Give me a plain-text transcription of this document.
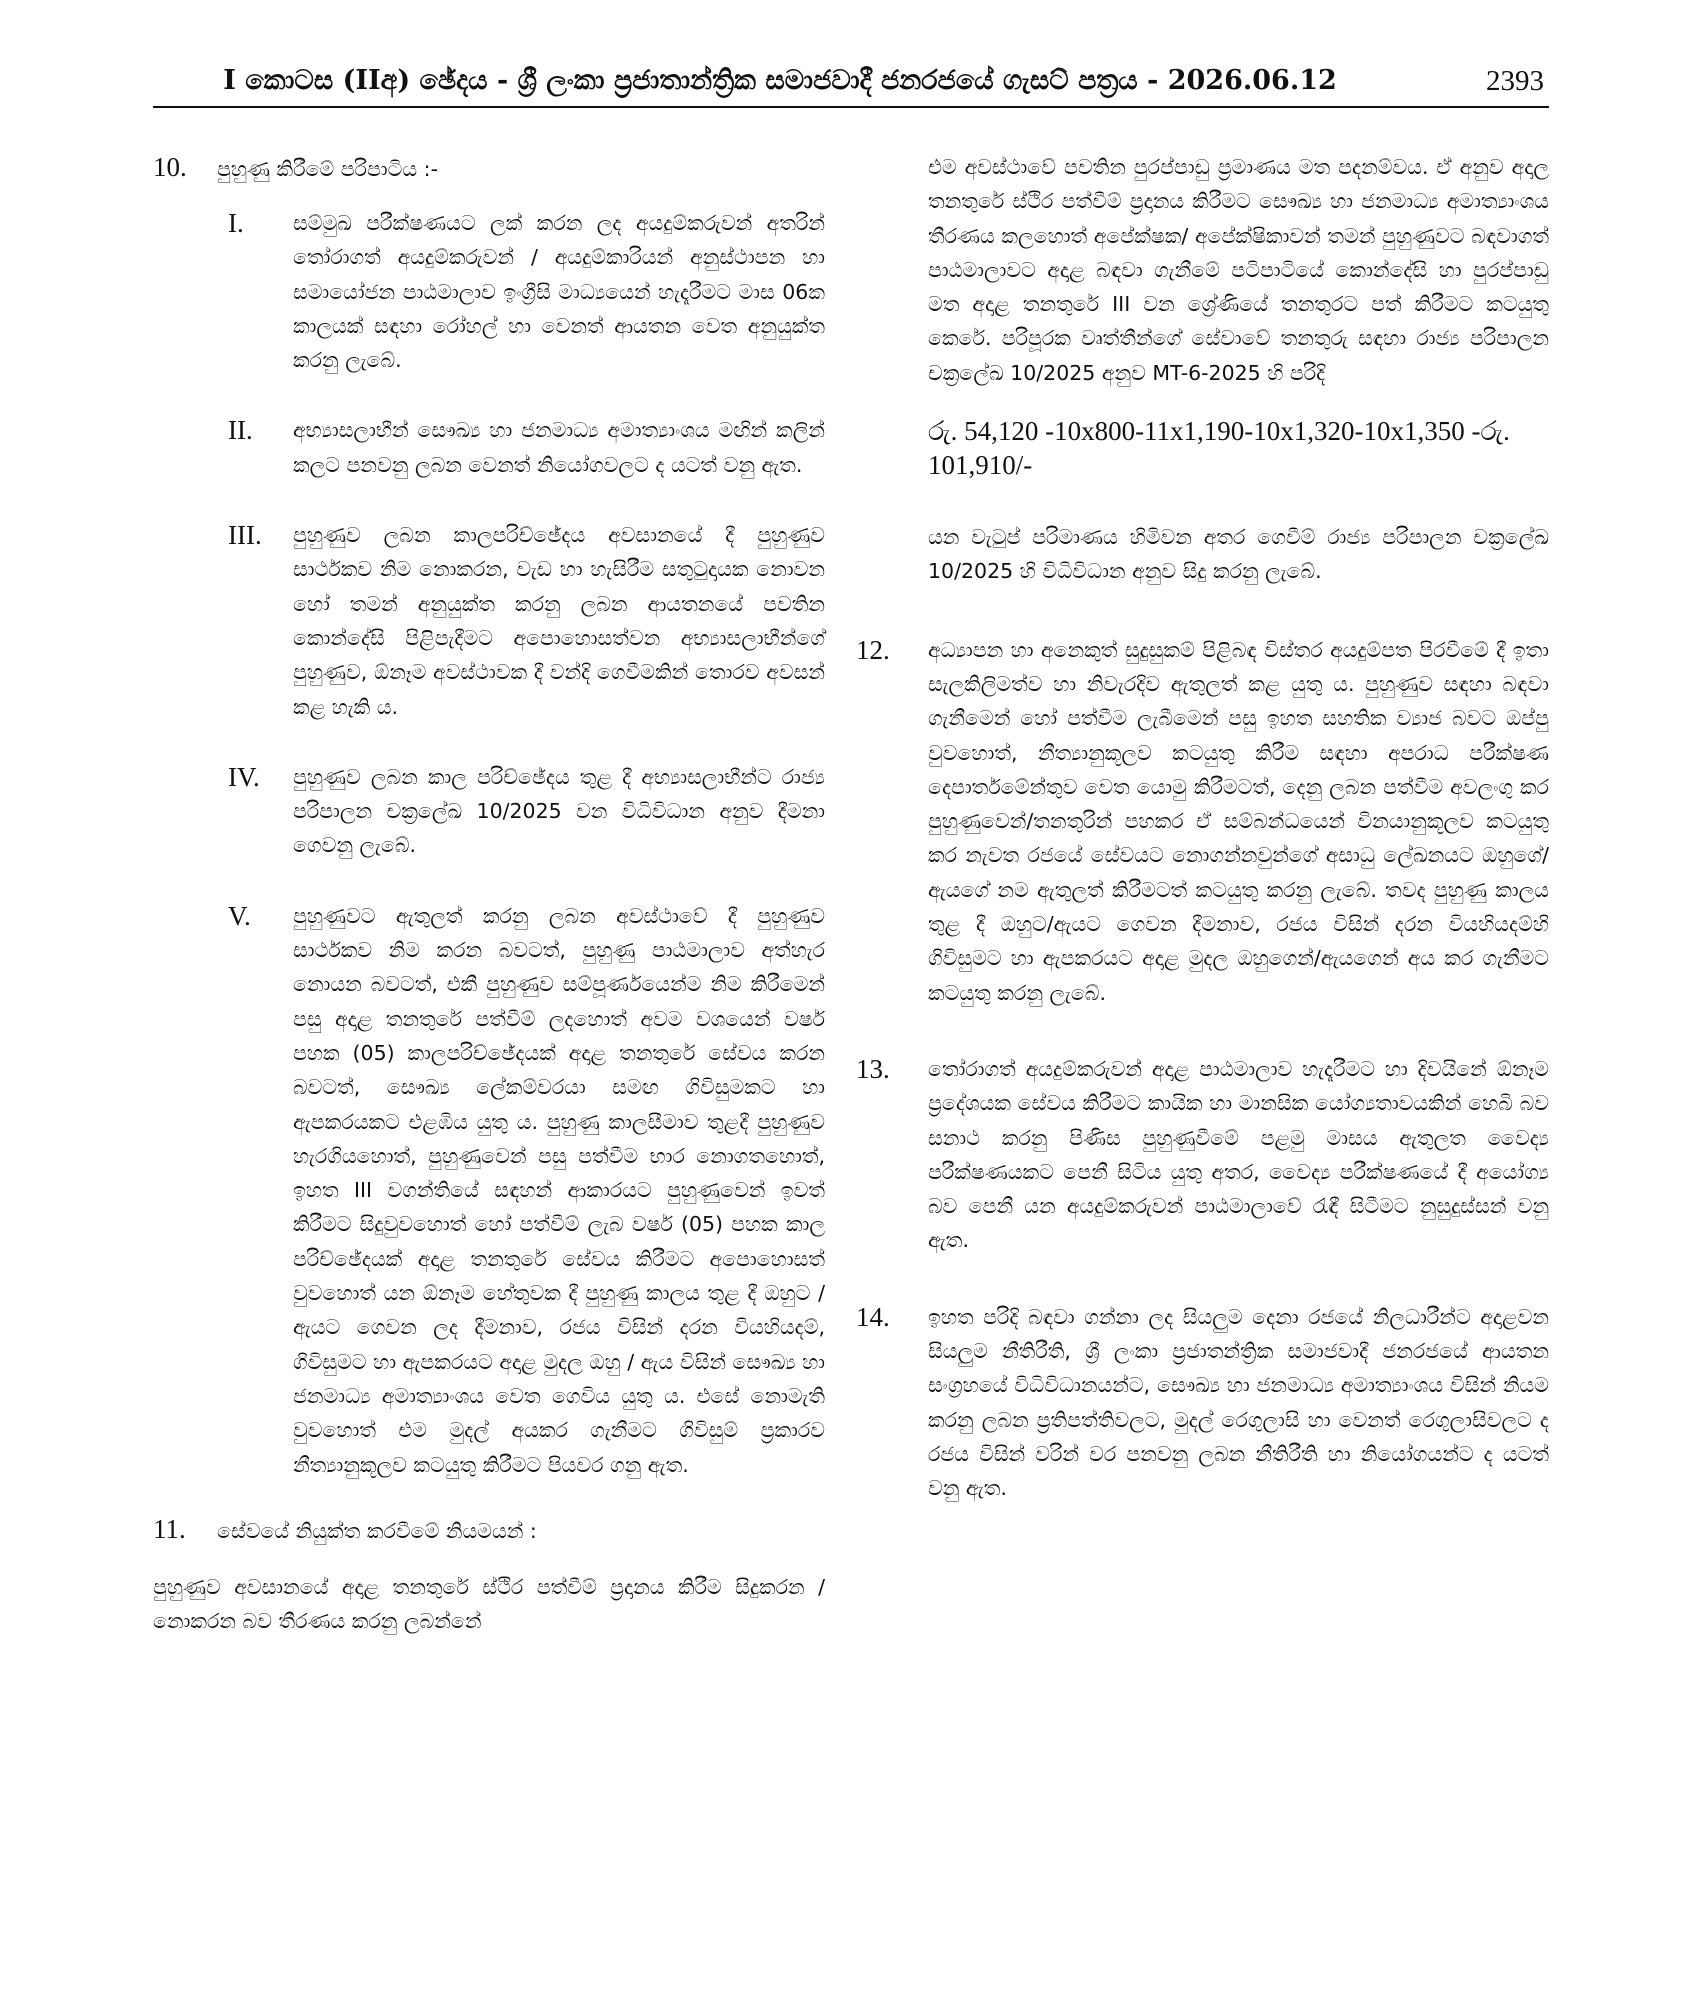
I කොටස (IIඅ) ඡේදය - ශ්‍රී ලංකා ප්‍රජාතාන්ත්‍රික සමාජවාදී ජනරජයේ ගැසට් පත්‍රය - 2026.06.12	2393
10.	පුහුණු කිරීමේ පරිපාටිය :-
I.	සම්මුඛ පරීක්ෂණයට ලක් කරන ලද අයදුම්කරුවන් අතරින් තෝරාගත් අයදුම්කරුවන් / අයදුම්කාරියන් අනුස්ථාපන හා සමායෝජන පාඨමාලාව ඉංග්‍රීසි මාධ්‍යයෙන් හැදෑරීමට මාස 06ක කාලයක් සඳහා රෝහල් හා වෙනත් ආයතන වෙත අනුයුක්ත කරනු ලැබේ.

II.	අභ්‍යාසලාභීන් සෞඛ්‍ය හා ජනමාධ්‍ය අමාත්‍යාංශය මඟින් කලින් කලට පනවනු ලබන වෙනත් නියෝගවලට ද යටත් වනු ඇත.

III.	පුහුණුව ලබන කාලපරිච්ඡේදය අවසානයේ දී පුහුණුව සාර්ථකව නිම නොකරන, වැඩ හා හැසිරීම සතුටුදායක නොවන හෝ තමන් අනුයුක්ත කරනු ලබන ආයතනයේ පවතින කොන්දේසි පිළිපැදීමට අපොහොසත්වන අභ්‍යාසලාභීන්ගේ පුහුණුව, ඕනෑම අවස්ථාවක දී වන්දි ගෙවීමකින් තොරව අවසන් කළ හැකි ය.

IV.	පුහුණුව ලබන කාල පරිච්ඡේදය තුළ දී අභ්‍යාසලාභීන්ට රාජ්‍ය පරිපාලන චක්‍රලේඛ 10/2025 වන විධිවිධාන අනුව දීමනා ගෙවනු ලැබේ.

V.	පුහුණුවට ඇතුලත් කරනු ලබන අවස්ථාවේ දී පුහුණුව සාර්ථකව නිම කරන බවටත්, පුහුණු පාඨමාලාව අත්හැර නොයන බවටත්, එකී පුහුණුව සම්පූර්ණයෙන්ම නිම කිරීමෙන් පසු අදාළ තනතුරේ පත්වීම් ලදහොත් අවම වශයෙන් වර්ෂ පහක (05) කාලපරිච්ඡේදයක් අදාළ තනතුරේ සේවය කරන බවටත්, සෞඛ්‍ය ලේකම්වරයා සමඟ ගිවිසුමකට හා ඇපකරයකට එළඹිය යුතු ය. පුහුණු කාලසීමාව තුළදී පුහුණුව හැරගියහොත්, පුහුණුවෙන් පසු පත්වීම භාර නොගතහොත්, ඉහත III වගන්තියේ සඳහන් ආකාරයට පුහුණුවෙන් ඉවත් කිරීමට සිදුවුවහොත් හෝ පත්වීම් ලැබ වර්ෂ (05) පහක කාල පරිච්ඡේදයක් අදාළ තනතුරේ සේවය කිරීමට අපොහොසත් වුවහොත් යන ඕනෑම හේතුවක දී පුහුණු කාලය තුළ දී ඔහුට / ඇයට ගෙවන ලද දීමනාව, රජය විසින් දරන වියහියදම්, ගිවිසුමට හා ඇපකරයට අදාළ මුදල ඔහු / ඇය විසින් සෞඛ්‍ය හා ජනමාධ්‍ය අමාත්‍යාංශය වෙත ගෙවිය යුතු ය. එසේ නොමැති වුවහොත් එම මුදල් අයකර ගැනීමට ගිවිසුම් ප්‍රකාරව නීත්‍යානුකූලව කටයුතු කිරීමට පියවර ගනු ඇත.

11.	සේවයේ නියුක්ත කරවීමේ නියමයන් :

පුහුණුව අවසානයේ අදාළ තනතුරේ ස්ථිර පත්වීම් ප්‍රදානය කිරීම සිදුකරන / නොකරන බව තීරණය කරනු ලබන්නේ

එම අවස්ථාවේ පවතින පුරප්පාඩු ප්‍රමාණය මත පදනම්වය. ඒ අනුව අදාල තනතුරේ ස්ථිර පත්වීම් ප්‍රදානය කිරීමට සෞඛ්‍ය හා ජනමාධ්‍ය අමාත්‍යාංශය තීරණය කලහොත් අපේක්ෂක/ අපේක්ෂිකාවන් තමන් පුහුණුවට බඳවාගත් පාඨමාලාවට අදාළ බඳවා ගැනීමේ පටිපාටියේ කොන්දේසි හා පුරප්පාඩු මත අදාළ තනතුරේ III වන ශ්‍රේණියේ තනතුරට පත් කිරීමට කටයුතු කෙරේ. පරිපූරක වෘත්තීන්ගේ සේවාවේ තනතුරු සඳහා රාජ්‍ය පරිපාලන චක්‍රලේඛ 10/2025 අනුව MT-6-2025 හි පරිදි

රු. 54,120 -10x800-11x1,190-10x1,320-10x1,350 -රු. 101,910/-

යන වැටුප් පරිමාණය හිමිවන අතර ගෙවීම් රාජ්‍ය පරිපාලන චක්‍රලේඛ 10/2025 හි විධිවිධාන අනුව සිදු කරනු ලැබේ.

12.	අධ්‍යාපන හා අනෙකුත් සුදුසුකම් පිළිබඳ විස්තර අයදුම්පත පිරවීමේ දී ඉතා සැලකිලිමත්ව හා නිවැරදිව ඇතුලත් කළ යුතු ය. පුහුණුව සඳහා බඳවා ගැනීමෙන් හෝ පත්වීම ලැබීමෙන් පසු ඉහත සහතික ව්‍යාජ බවට ඔප්පු වුවහොත්, නීත්‍යානුකූලව කටයුතු කිරීම සඳහා අපරාධ පරීක්ෂණ දෙපාර්තමේන්තුව වෙත යොමු කිරීමටත්, දෙනු ලබන පත්වීම අවලංගු කර පුහුණුවෙන්/තනතුරින් පහකර ඒ සම්බන්ධයෙන් විනයානුකූලව කටයුතු කර නැවත රජයේ සේවයට නොගන්නවුන්ගේ අසාධු ලේඛනයට ඔහුගේ/ ඇයගේ නම ඇතුලත් කිරීමටත් කටයුතු කරනු ලැබේ. තවද පුහුණු කාලය තුළ දී ඔහුට/ඇයට ගෙවන දීමනාව, රජය විසින් දරන වියහියදම්හි ගිවිසුමට හා ඇපකරයට අදාළ මුදල ඔහුගෙන්/ඇයගෙන් අය කර ගැනීමට කටයුතු කරනු ලැබේ.

13.	තෝරාගත් අයදුම්කරුවන් අදාළ පාඨමාලාව හැදෑරීමට හා දිවයිනේ ඕනෑම ප්‍රදේශයක සේවය කිරීමට කායික හා මානසික යෝග්‍යතාවයකින් හෙබි බව සනාථ කරනු පිණිස පුහුණුවීමේ පළමු මාසය ඇතුලත වෛද්‍ය පරීක්ෂණයකට පෙනී සිටිය යුතු අතර, වෛද්‍ය පරීක්ෂණයේ දී අයෝග්‍ය බව පෙනී යන අයදුම්කරුවන් පාඨමාලාවේ රැඳී සිටීමට නුසුදුස්සන් වනු ඇත.

14.	ඉහත පරිදි බඳවා ගන්නා ලද සියලුම දෙනා රජයේ නිලධාරීන්ට අදාළවන සියලුම නීතිරීති, ශ්‍රී ලංකා ප්‍රජාතන්ත්‍රික සමාජවාදී ජනරජයේ ආයතන සංග්‍රහයේ විධිවිධානයන්ට, සෞඛ්‍ය හා ජනමාධ්‍ය අමාත්‍යාංශය විසින් නියම කරනු ලබන ප්‍රතිපත්තිවලට, මුදල් රෙගුලාසි හා වෙනත් රෙගුලාසිවලට ද රජය විසින් වරින් වර පනවනු ලබන නීතිරීති හා නියෝගයන්ට ද යටත් වනු ඇත.
